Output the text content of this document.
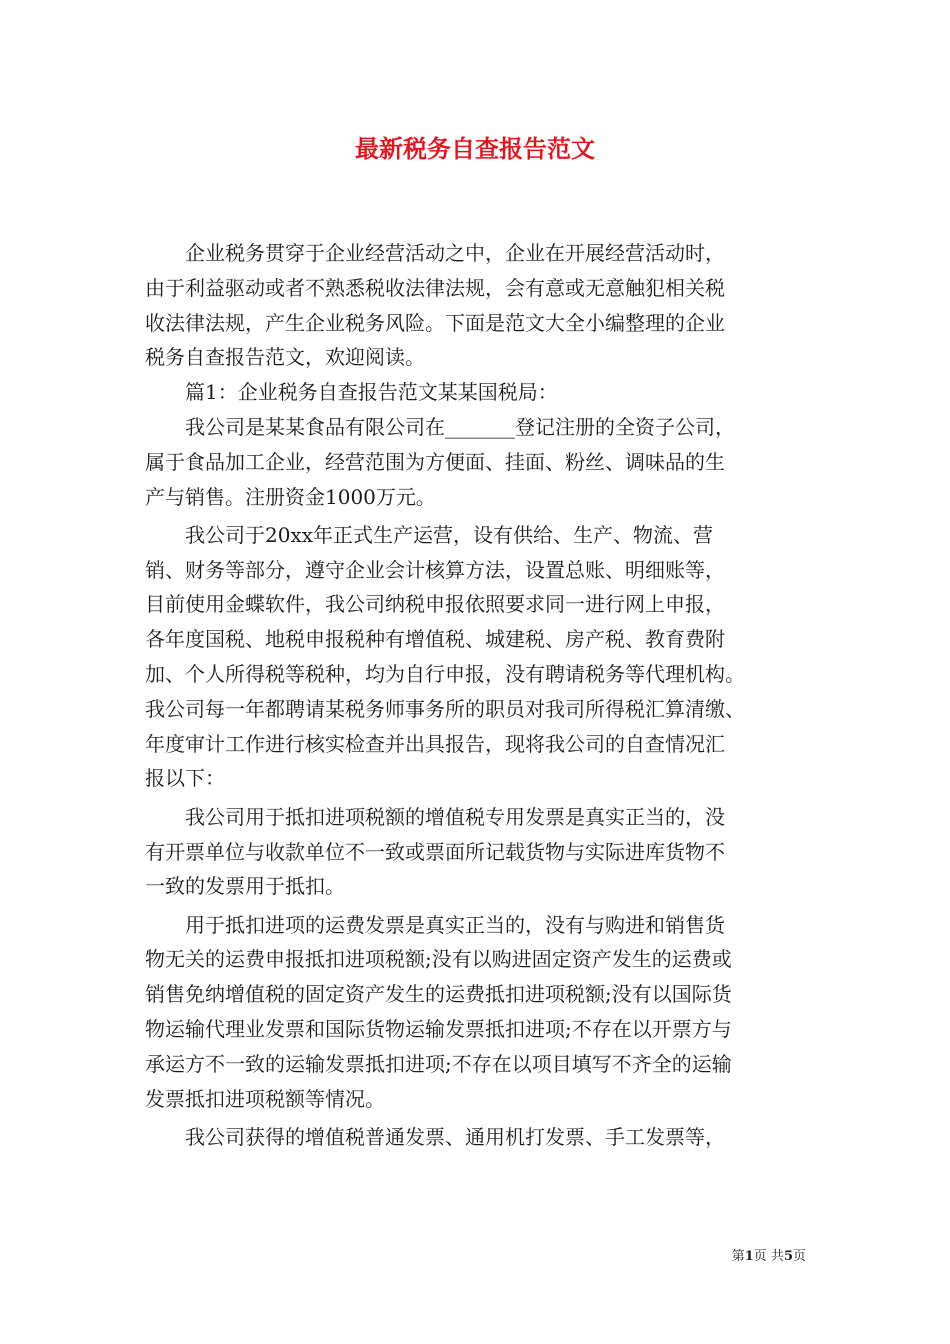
最新税务自查报告范文
　　企业税务贯穿于企业经营活动之中，企业在开展经营活动时，
由于利益驱动或者不熟悉税收法律法规，会有意或无意触犯相关税
收法律法规，产生企业税务风险。下面是范文大全小编整理的企业
税务自查报告范文，欢迎阅读。
　　篇1：企业税务自查报告范文某某国税局：
　　我公司是某某食品有限公司在_______登记注册的全资子公司，
属于食品加工企业，经营范围为方便面、挂面、粉丝、调味品的生
产与销售。注册资金1000万元。
　　我公司于20xx年正式生产运营，设有供给、生产、物流、营
销、财务等部分，遵守企业会计核算方法，设置总账、明细账等，
目前使用金蝶软件，我公司纳税申报依照要求同一进行网上申报，
各年度国税、地税申报税种有增值税、城建税、房产税、教育费附
加、个人所得税等税种，均为自行申报，没有聘请税务等代理机构。
我公司每一年都聘请某税务师事务所的职员对我司所得税汇算清缴、
年度审计工作进行核实检查并出具报告，现将我公司的自查情况汇
报以下：
　　我公司用于抵扣进项税额的增值税专用发票是真实正当的，没
有开票单位与收款单位不一致或票面所记载货物与实际进库货物不
一致的发票用于抵扣。
　　用于抵扣进项的运费发票是真实正当的，没有与购进和销售货
物无关的运费申报抵扣进项税额;没有以购进固定资产发生的运费或
销售免纳增值税的固定资产发生的运费抵扣进项税额;没有以国际货
物运输代理业发票和国际货物运输发票抵扣进项;不存在以开票方与
承运方不一致的运输发票抵扣进项;不存在以项目填写不齐全的运输
发票抵扣进项税额等情况。
　　我公司获得的增值税普通发票、通用机打发票、手工发票等，
第1页 共5页
